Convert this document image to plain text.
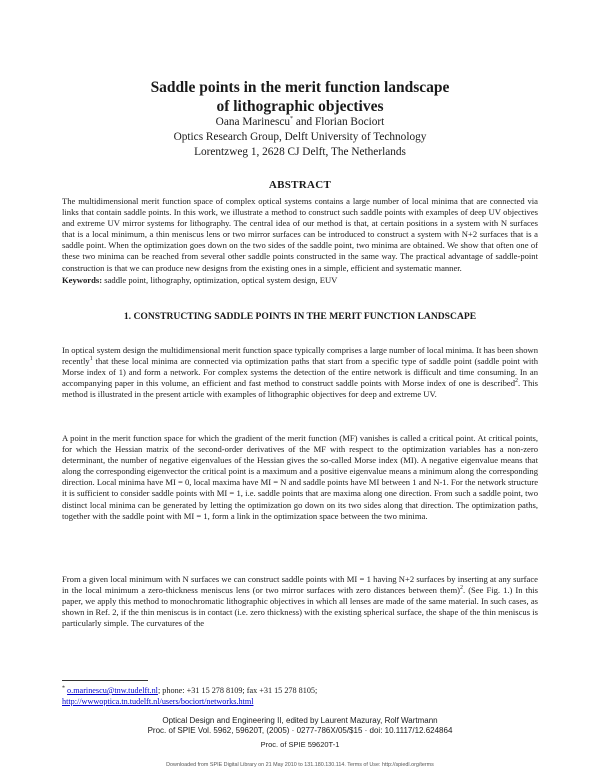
Saddle points in the merit function landscape
of lithographic objectives
Oana Marinescu* and Florian Bociort
Optics Research Group, Delft University of Technology
Lorentzweg 1, 2628 CJ Delft, The Netherlands
ABSTRACT
The multidimensional merit function space of complex optical systems contains a large number of local minima that are connected via links that contain saddle points. In this work, we illustrate a method to construct such saddle points with examples of deep UV objectives and extreme UV mirror systems for lithography. The central idea of our method is that, at certain positions in a system with N surfaces that is a local minimum, a thin meniscus lens or two mirror surfaces can be introduced to construct a system with N+2 surfaces that is a saddle point. When the optimization goes down on the two sides of the saddle point, two minima are obtained. We show that often one of these two minima can be reached from several other saddle points constructed in the same way. The practical advantage of saddle-point construction is that we can produce new designs from the existing ones in a simple, efficient and systematic manner.
Keywords: saddle point, lithography, optimization, optical system design, EUV
1. CONSTRUCTING SADDLE POINTS IN THE MERIT FUNCTION LANDSCAPE
In optical system design the multidimensional merit function space typically comprises a large number of local minima. It has been shown recently$^1$ that these local minima are connected via optimization paths that start from a specific type of saddle point (saddle point with Morse index of 1) and form a network. For complex systems the detection of the entire network is difficult and time consuming. In an accompanying paper in this volume, an efficient and fast method to construct saddle points with Morse index of one is described$^2$. This method is illustrated in the present article with examples of lithographic objectives for deep and extreme UV.
A point in the merit function space for which the gradient of the merit function (MF) vanishes is called a critical point. At critical points, for which the Hessian matrix of the second-order derivatives of the MF with respect to the optimization variables has a non-zero determinant, the number of negative eigenvalues of the Hessian gives the so-called Morse index (MI). A negative eigenvalue means that along the corresponding eigenvector the critical point is a maximum and a positive eigenvalue means a minimum along the corresponding direction. Local minima have MI = 0, local maxima have MI = N and saddle points have MI between 1 and N-1. For the network structure it is sufficient to consider saddle points with MI = 1, i.e. saddle points that are maxima along one direction. From such a saddle point, two distinct local minima can be generated by letting the optimization go down on its two sides along that direction. The optimization paths, together with the saddle point with MI = 1, form a link in the optimization space between the two minima.
From a given local minimum with N surfaces we can construct saddle points with MI = 1 having N+2 surfaces by inserting at any surface in the local minimum a zero-thickness meniscus lens (or two mirror surfaces with zero distances between them)$^2$. (See Fig. 1.) In this paper, we apply this method to monochromatic lithographic objectives in which all lenses are made of the same material. In such cases, as shown in Ref. 2, if the thin meniscus is in contact (i.e. zero thickness) with the existing spherical surface, the shape of the thin meniscus is particularly simple. The curvatures of the
* o.marinescu@tnw.tudelft.nl; phone: +31 15 278 8109; fax +31 15 278 8105;
http://wwwoptica.tn.tudelft.nl/users/bociort/networks.html
Optical Design and Engineering II, edited by Laurent Mazuray, Rolf Wartmann
Proc. of SPIE Vol. 5962, 59620T, (2005) · 0277-786X/05/$15 · doi: 10.1117/12.624864
Proc. of SPIE 59620T-1
Downloaded from SPIE Digital Library on 21 May 2010 to 131.180.130.114. Terms of Use: http://spiedl.org/terms
